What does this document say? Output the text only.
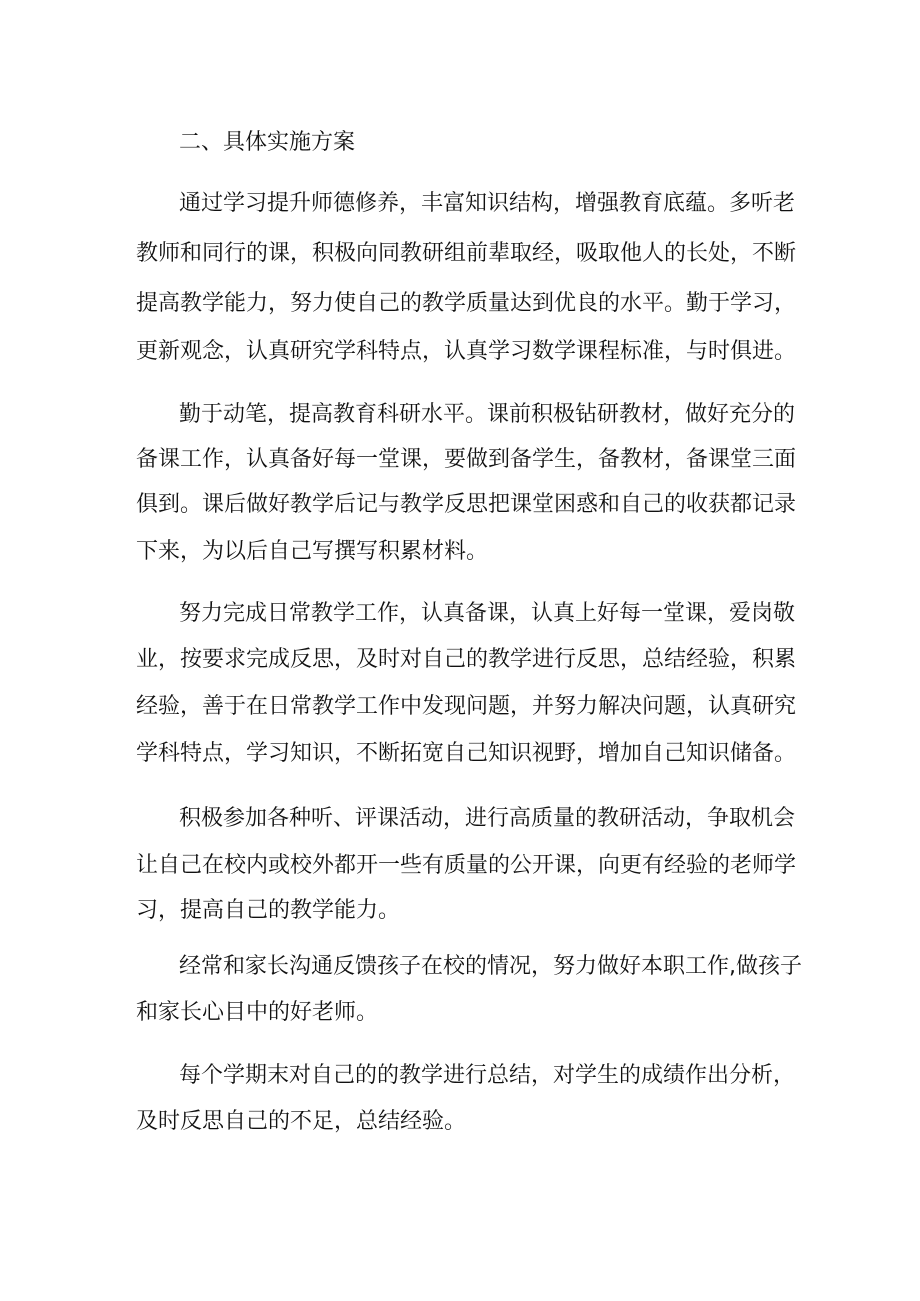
二、具体实施方案
通过学习提升师德修养，丰富知识结构，增强教育底蕴。多听老
教师和同行的课，积极向同教研组前辈取经，吸取他人的长处，不断
提高教学能力，努力使自己的教学质量达到优良的水平。勤于学习，
更新观念，认真研究学科特点，认真学习数学课程标准，与时俱进。
勤于动笔，提高教育科研水平。课前积极钻研教材，做好充分的
备课工作，认真备好每一堂课，要做到备学生，备教材，备课堂三面
俱到。课后做好教学后记与教学反思把课堂困惑和自己的收获都记录
下来，为以后自己写撰写积累材料。
努力完成日常教学工作，认真备课，认真上好每一堂课，爱岗敬
业，按要求完成反思，及时对自己的教学进行反思，总结经验，积累
经验，善于在日常教学工作中发现问题，并努力解决问题，认真研究
学科特点，学习知识，不断拓宽自己知识视野，增加自己知识储备。
积极参加各种听、评课活动，进行高质量的教研活动，争取机会
让自己在校内或校外都开一些有质量的公开课，向更有经验的老师学
习，提高自己的教学能力。
经常和家长沟通反馈孩子在校的情况，努力做好本职工作,做孩子
和家长心目中的好老师。
每个学期末对自己的的教学进行总结，对学生的成绩作出分析，
及时反思自己的不足，总结经验。
